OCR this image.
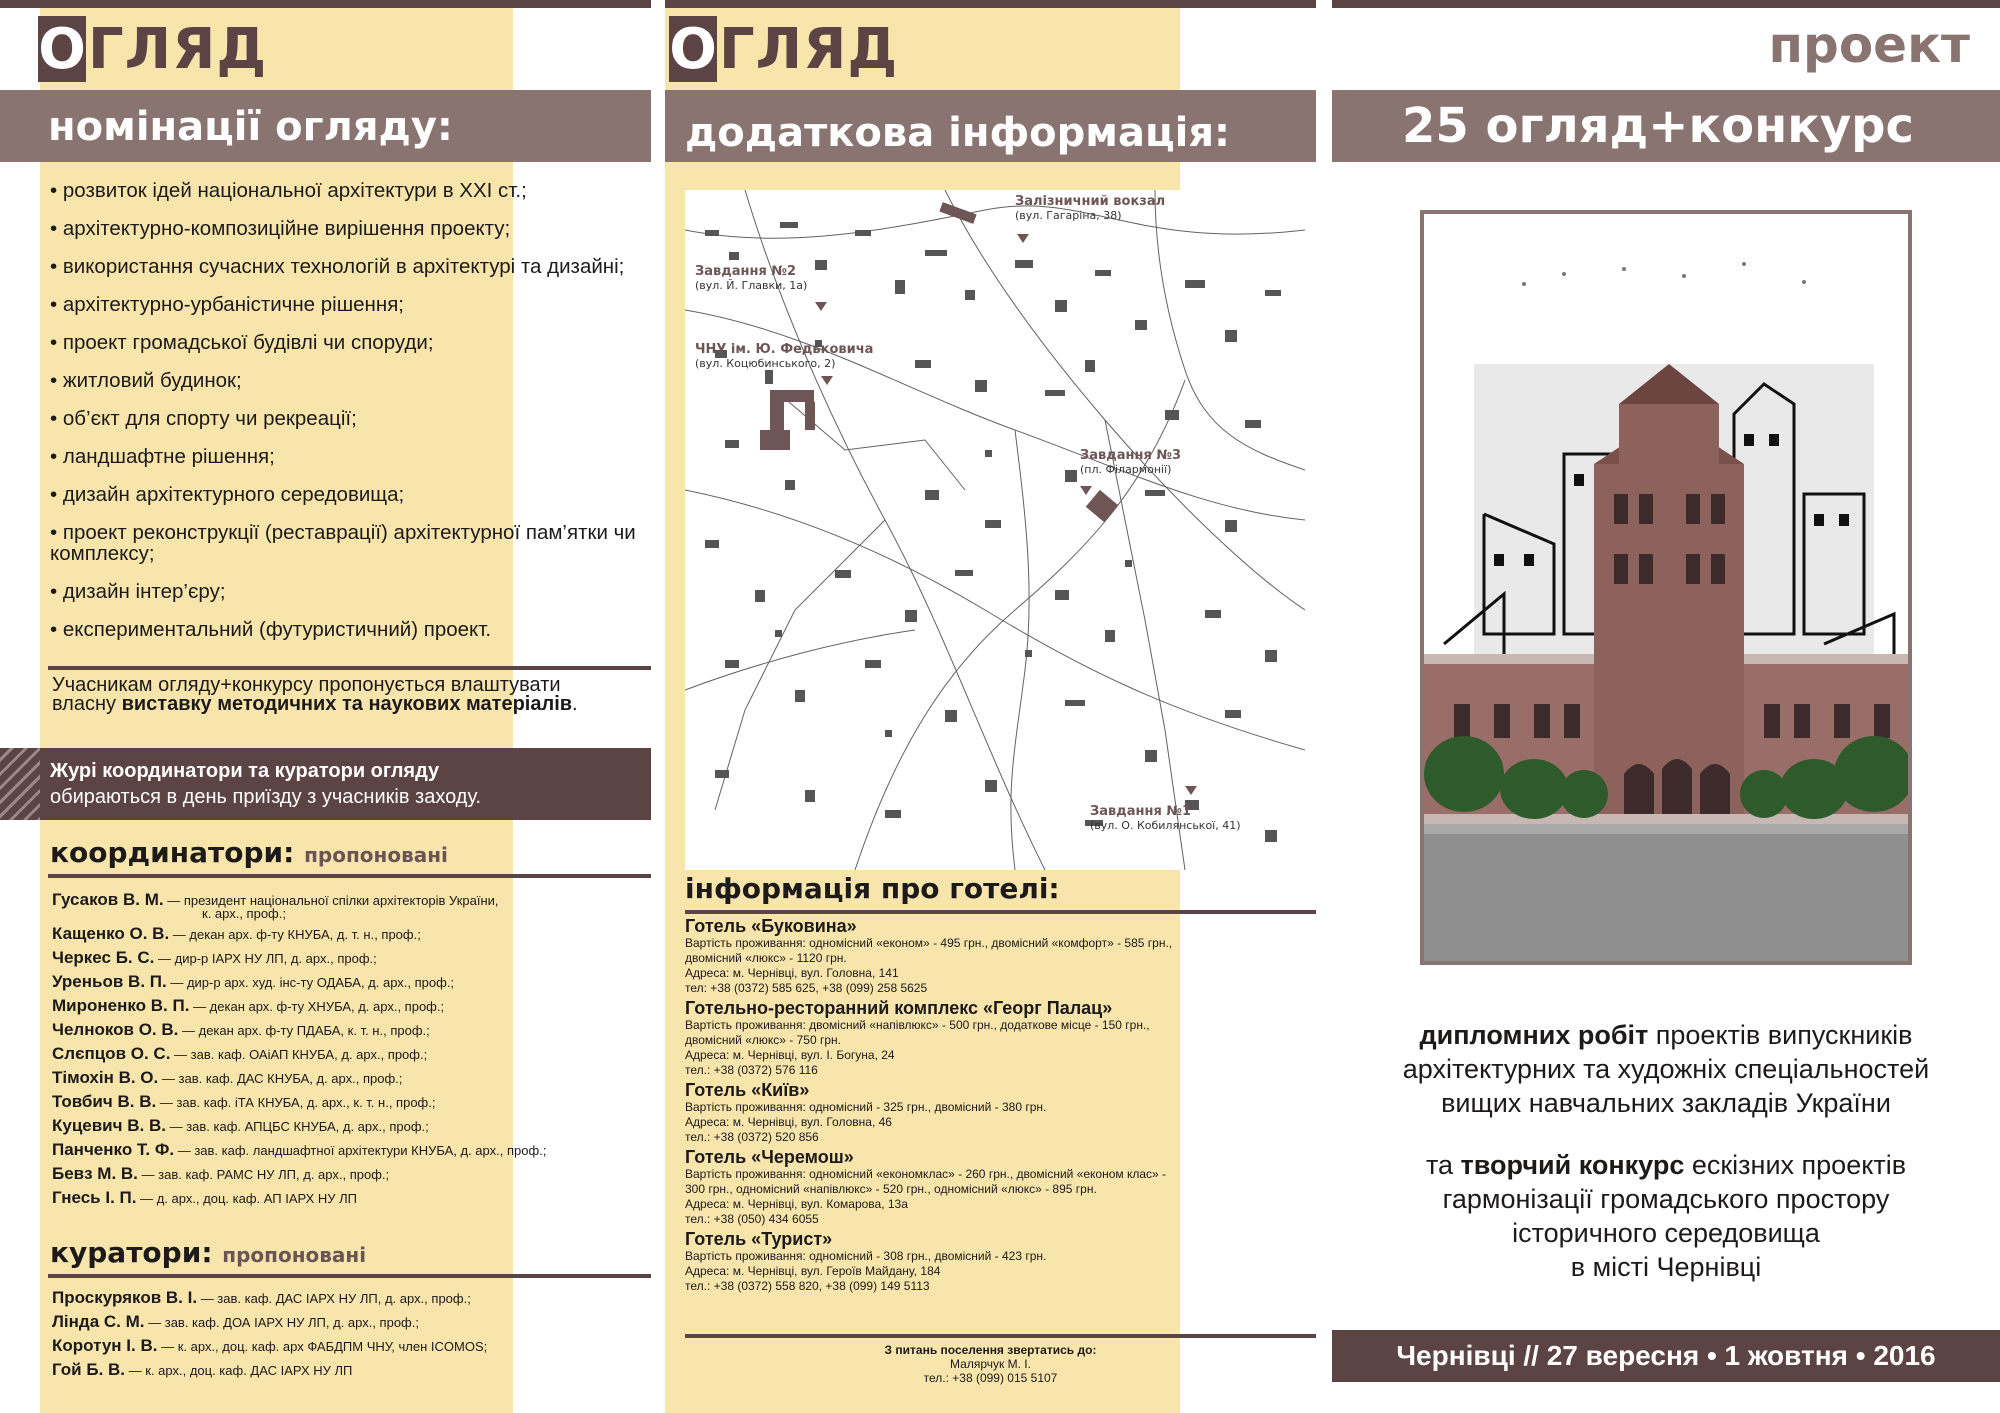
О ГЛЯД
номінації огляду:
• розвиток ідей національної архітектури в ХХІ ст.;
• архітектурно-композиційне вирішення проекту;
• використання сучасних технологій в архітектурі та дизайні;
• архітектурно-урбаністичне рішення;
• проект громадської будівлі чи споруди;
• житловий будинок;
• об’єкт для спорту чи рекреації;
• ландшафтне рішення;
• дизайн архітектурного середовища;
• проект реконструкції (реставрації) архітектурної пам’ятки чи комплексу;
• дизайн інтер’єру;
• експериментальний (футуристичний) проект.
Учасникам огляду+конкурсу пропонується влаштувати власну виставку методичних та наукових матеріалів.
Журі координатори та куратори огляду
обираються в день приїзду з учасників заходу.
координатори: пропоновані
Гусаков В. М. — президент національної спілки архітекторів України,
к. арх., проф.;
Кащенко О. В. — декан арх. ф-ту КНУБА, д. т. н., проф.;
Черкес Б. С. — дир-р ІАРХ НУ ЛП, д. арх., проф.;
Уреньов В. П. — дир-р арх. худ. інс-ту ОДАБА, д. арх., проф.;
Мироненко В. П. — декан арх. ф-ту ХНУБА, д. арх., проф.;
Челноков О. В. — декан арх. ф-ту ПДАБА, к. т. н., проф.;
Слєпцов О. С. — зав. каф. ОАіАП КНУБА, д. арх., проф.;
Тімохін В. О. — зав. каф. ДАС КНУБА, д. арх., проф.;
Товбич В. В. — зав. каф. іТА КНУБА, д. арх., к. т. н., проф.;
Куцевич В. В. — зав. каф. АПЦБС КНУБА, д. арх., проф.;
Панченко Т. Ф. — зав. каф. ландшафтної архітектури КНУБА, д. арх., проф.;
Бевз М. В. — зав. каф. РАМС НУ ЛП, д. арх., проф.;
Гнесь І. П. — д. арх., доц. каф. АП ІАРХ НУ ЛП
куратори: пропоновані
Проскуряков В. І. — зав. каф. ДАС ІАРХ НУ ЛП, д. арх., проф.;
Лінда С. М. — зав. каф. ДОА ІАРХ НУ ЛП, д. арх., проф.;
Коротун І. В. — к. арх., доц. каф. арх ФАБДПМ ЧНУ, член ICOMOS;
Гой Б. В. — к. арх., доц. каф. ДАС ІАРХ НУ ЛП
О ГЛЯД
додаткова інформація:
Залізничний вокзал
(вул. Гагаріна, 38)
Завдання №2
(вул. Й. Главки, 1а)
ЧНУ ім. Ю. Федьковича
(вул. Коцюбинського, 2)
Завдання №3
(пл. Філармонії)
Завдання №1
(вул. О. Кобилянської, 41)
інформація про готелі:
Готель «Буковина»
Вартість проживання: одномісний «економ» - 495 грн., двомісний «комфорт» - 585 грн.,
двомісний «люкс» - 1120 грн.
Адреса: м. Чернівці, вул. Головна, 141
тел: +38 (0372) 585 625, +38 (099) 258 5625
Готельно-ресторанний комплекс «Георг Палац»
Вартість проживання: двомісний «напівлюкс» - 500 грн., додаткове місце - 150 грн.,
двомісний «люкс» - 750 грн.
Адреса: м. Чернівці, вул. І. Богуна, 24
тел.: +38 (0372) 576 116
Готель «Київ»
Вартість проживання: одномісний - 325 грн., двомісний - 380 грн.
Адреса: м. Чернівці, вул. Головна, 46
тел.: +38 (0372) 520 856
Готель «Черемош»
Вартість проживання: одномісний «економклас» - 260 грн., двомісний «економ клас» -
300 грн., одномісний «напівлюкс» - 520 грн., одномісний «люкс» - 895 грн.
Адреса: м. Чернівці, вул. Комарова, 13а
тел.: +38 (050) 434 6055
Готель «Турист»
Вартість проживання: одномісний - 308 грн., двомісний - 423 грн.
Адреса: м. Чернівці, вул. Героїв Майдану, 184
тел.: +38 (0372) 558 820, +38 (099) 149 5113
З питань поселення звертатись до:
Малярчук М. І.
тел.: +38 (099) 015 5107
проект
25 огляд+конкурс
дипломних робіт проектів випускників
архітектурних та художніх спеціальностей
вищих навчальних закладів України
та творчий конкурс ескізних проектів
гармонізації громадського простору
історичного середовища
в місті Чернівці
Чернівці // 27 вересня • 1 жовтня • 2016
